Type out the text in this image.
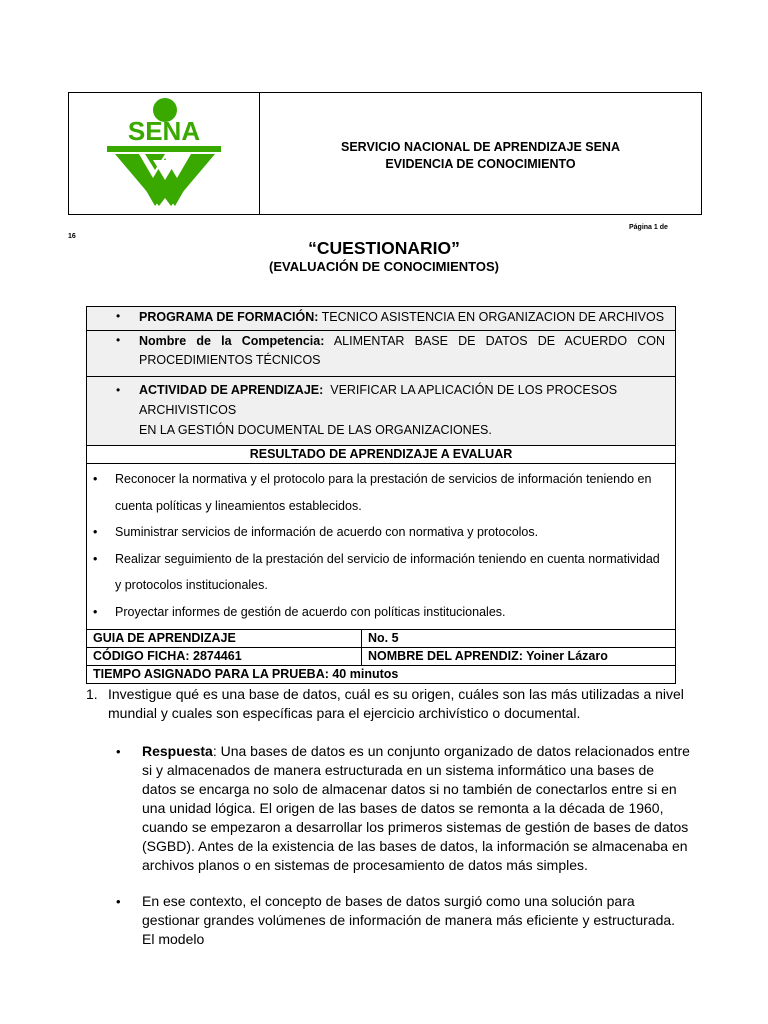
SENA
SERVICIO NACIONAL DE APRENDIZAJE SENA
EVIDENCIA DE CONOCIMIENTO
Página 1 de
16
“CUESTIONARIO”
(EVALUACIÓN DE CONOCIMIENTOS)
• PROGRAMA DE FORMACIÓN: TECNICO ASISTENCIA EN ORGANIZACION DE ARCHIVOS
• Nombre de la Competencia: ALIMENTAR BASE DE DATOS DE ACUERDO CON
PROCEDIMIENTOS TÉCNICOS
• ACTIVIDAD DE APRENDIZAJE: VERIFICAR LA APLICACIÓN DE LOS PROCESOS ARCHIVISTICOS
EN LA GESTIÓN DOCUMENTAL DE LAS ORGANIZACIONES.
RESULTADO DE APRENDIZAJE A EVALUAR
• Reconocer la normativa y el protocolo para la prestación de servicios de información teniendo en cuenta políticas y lineamientos establecidos.
• Suministrar servicios de información de acuerdo con normativa y protocolos.
• Realizar seguimiento de la prestación del servicio de información teniendo en cuenta normatividad y protocolos institucionales.
• Proyectar informes de gestión de acuerdo con políticas institucionales.
GUIA DE APRENDIZAJE	No. 5
CÓDIGO FICHA: 2874461	NOMBRE DEL APRENDIZ: Yoiner Lázaro
TIEMPO ASIGNADO PARA LA PRUEBA: 40 minutos
1. Investigue qué es una base de datos, cuál es su origen, cuáles son las más utilizadas a nivel mundial y cuales son específicas para el ejercicio archivístico o documental.
• Respuesta: Una bases de datos es un conjunto organizado de datos relacionados entre si y almacenados de manera estructurada en un sistema informático una bases de datos se encarga no solo de almacenar datos si no también de conectarlos entre si en una unidad lógica. El origen de las bases de datos se remonta a la década de 1960, cuando se empezaron a desarrollar los primeros sistemas de gestión de bases de datos (SGBD). Antes de la existencia de las bases de datos, la información se almacenaba en archivos planos o en sistemas de procesamiento de datos más simples.
• En ese contexto, el concepto de bases de datos surgió como una solución para gestionar grandes volúmenes de información de manera más eficiente y estructurada. El modelo
